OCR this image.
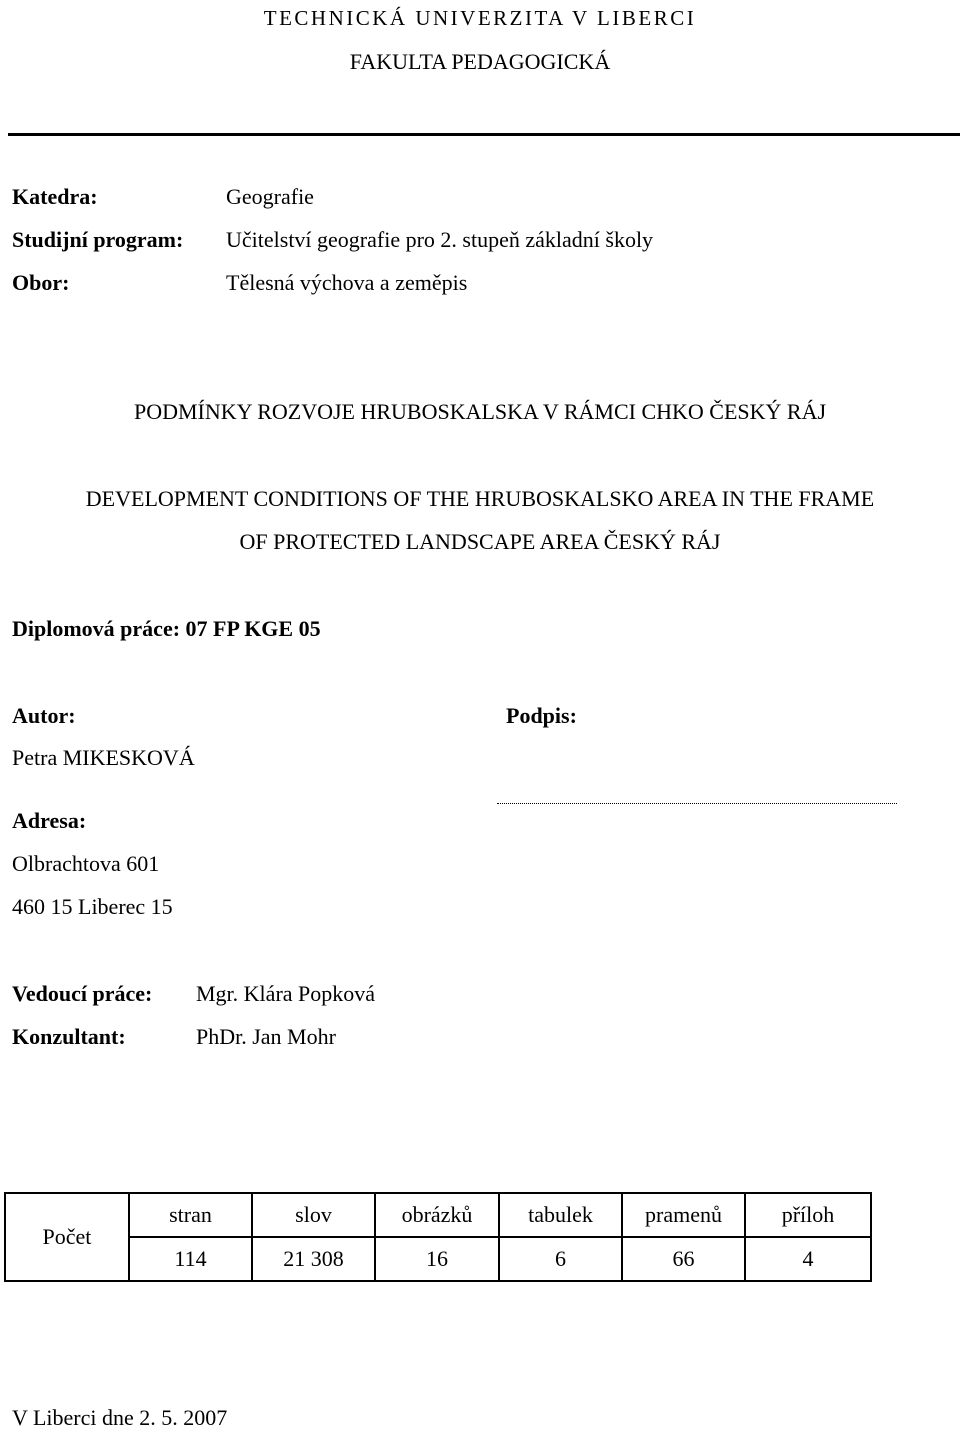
TECHNICKÁ UNIVERZITA V LIBERCI
FAKULTA PEDAGOGICKÁ
Katedra:	Geografie
Studijní program: Učitelství geografie pro 2. stupeň základní školy
Obor:	Tělesná výchova a zeměpis
PODMÍNKY ROZVOJE HRUBOSKALSKA V RÁMCI CHKO ČESKÝ RÁJ
DEVELOPMENT CONDITIONS OF THE HRUBOSKALSKO AREA IN THE FRAME
OF PROTECTED LANDSCAPE AREA ČESKÝ RÁJ
Diplomová práce: 07 FP KGE 05
Autor:	Podpis:
Petra MIKESKOVÁ
Adresa:
Olbrachtova 601
460 15 Liberec 15
Vedoucí práce: Mgr. Klára Popková
Konzultant:	PhDr. Jan Mohr
Počet	stran	slov	obrázků	tabulek	pramenů	příloh
	114	21 308	16	6	66	4
V Liberci dne 2. 5. 2007
